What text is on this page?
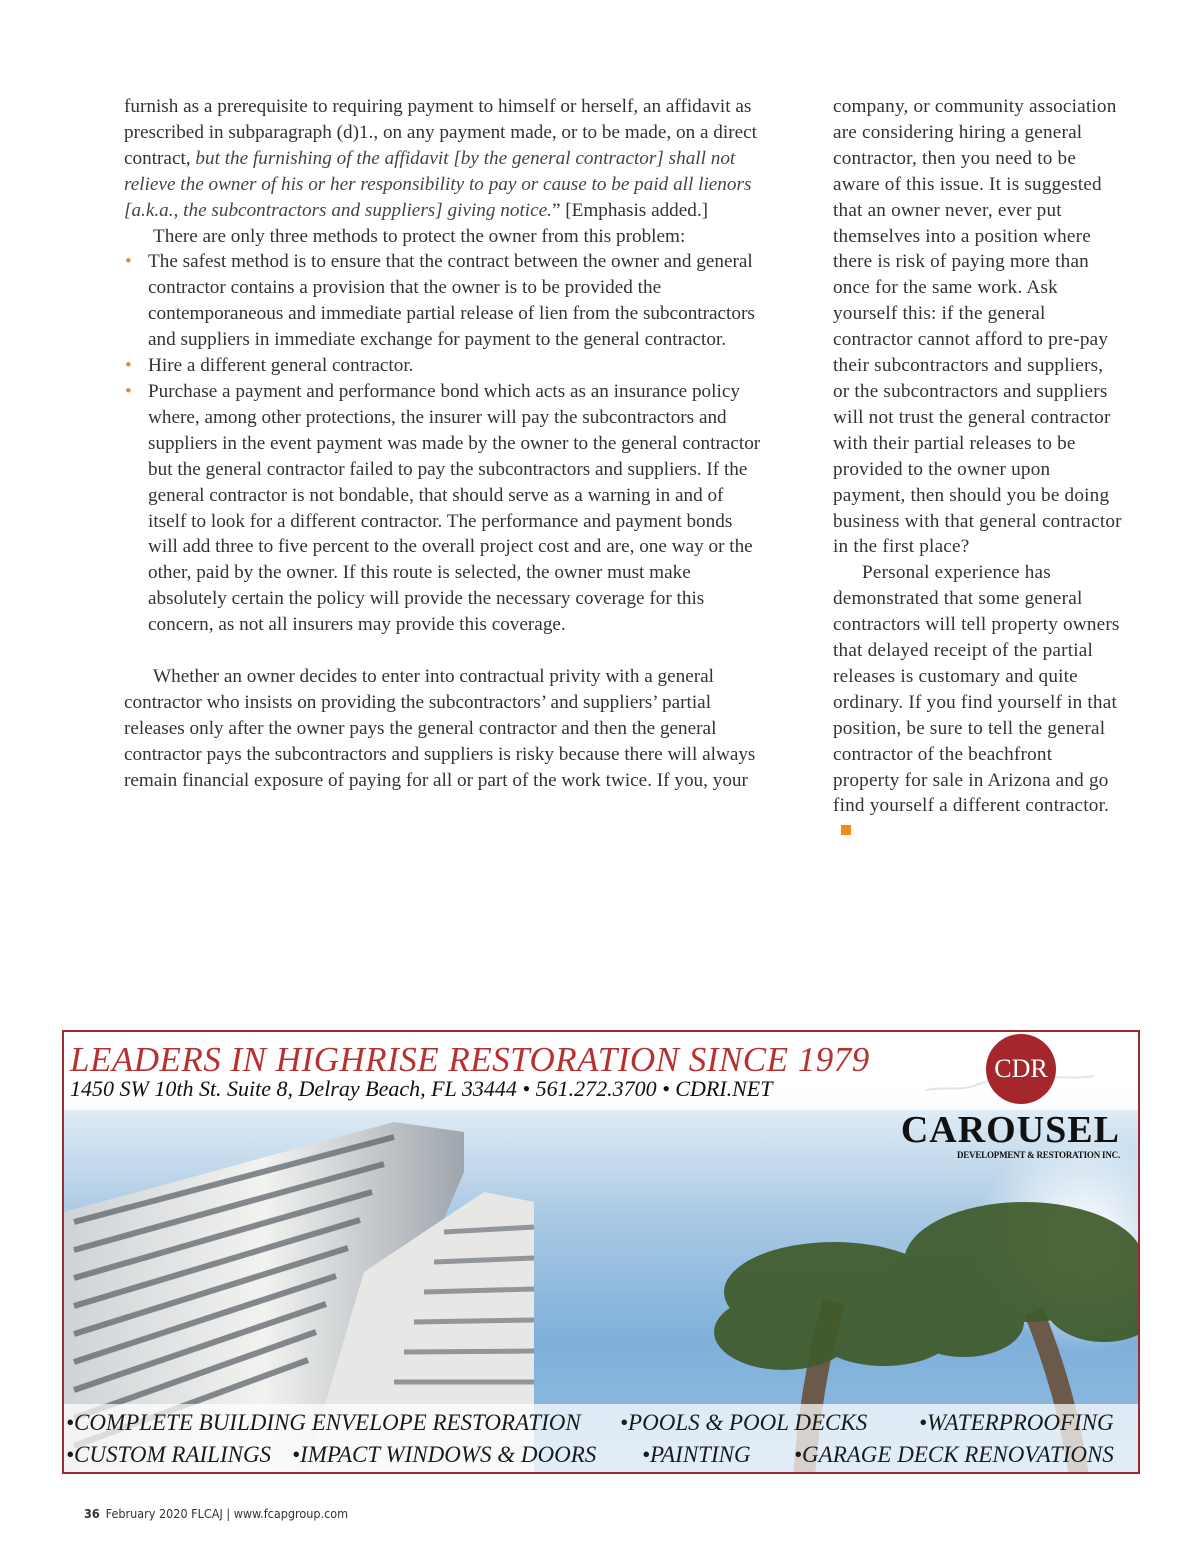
furnish as a prerequisite to requiring payment to himself or herself, an affidavit as prescribed in subparagraph (d)1., on any payment made, or to be made, on a direct contract, but the furnishing of the affidavit [by the general contractor] shall not relieve the owner of his or her responsibility to pay or cause to be paid all lienors [a.k.a., the subcontractors and suppliers] giving notice.” [Emphasis added.]

There are only three methods to protect the owner from this problem:

• The safest method is to ensure that the contract between the owner and general contractor contains a provision that the owner is to be provided the contemporaneous and immediate partial release of lien from the subcontractors and suppliers in immediate exchange for payment to the general contractor.
• Hire a different general contractor.
• Purchase a payment and performance bond which acts as an insurance policy where, among other protections, the insurer will pay the subcontractors and suppliers in the event payment was made by the owner to the general contractor but the general contractor failed to pay the subcontractors and suppliers. If the general contractor is not bondable, that should serve as a warning in and of itself to look for a different contractor. The performance and payment bonds will add three to five percent to the overall project cost and are, one way or the other, paid by the owner. If this route is selected, the owner must make absolutely certain the policy will provide the necessary coverage for this concern, as not all insurers may provide this coverage.

Whether an owner decides to enter into contractual privity with a general contractor who insists on providing the subcontractors’ and suppliers’ partial releases only after the owner pays the general contractor and then the general contractor pays the subcontractors and suppliers is risky because there will always remain financial exposure of paying for all or part of the work twice. If you, your

company, or community association are considering hiring a general contractor, then you need to be aware of this issue. It is suggested that an owner never, ever put themselves into a position where there is risk of paying more than once for the same work. Ask yourself this: if the general contractor cannot afford to pre-pay their subcontractors and suppliers, or the subcontractors and suppliers will not trust the general contractor with their partial releases to be provided to the owner upon payment, then should you be doing business with that general contractor in the first place?

Personal experience has demonstrated that some general contractors will tell property owners that delayed receipt of the partial releases is customary and quite ordinary. If you find yourself in that position, be sure to tell the general contractor of the beachfront property for sale in Arizona and go find yourself a different contractor.

LEADERS IN HIGHRISE RESTORATION SINCE 1979
1450 SW 10th St. Suite 8, Delray Beach, FL 33444 • 561.272.3700 • CDRI.NET
CDR
CAROUSEL
DEVELOPMENT & RESTORATION INC.
•COMPLETE BUILDING ENVELOPE RESTORATION •POOLS & POOL DECKS •WATERPROOFING
•CUSTOM RAILINGS •IMPACT WINDOWS & DOORS •PAINTING •GARAGE DECK RENOVATIONS
36 February 2020 FLCAJ | www.fcapgroup.com
